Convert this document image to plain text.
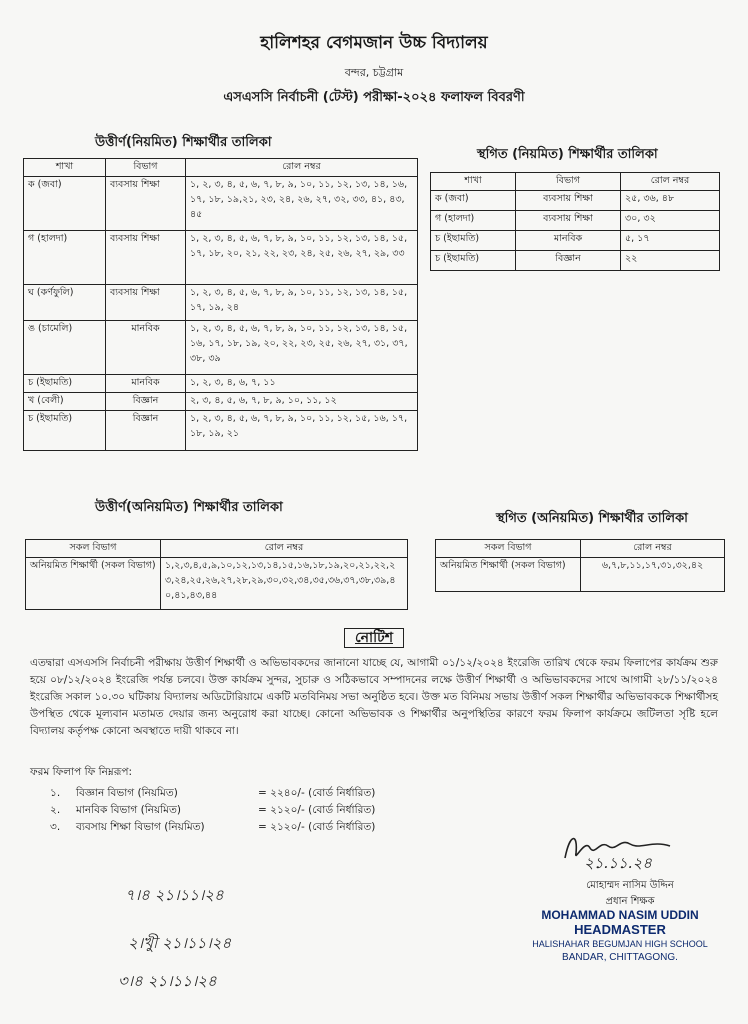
হালিশহর বেগমজান উচ্চ বিদ্যালয়
বন্দর, চট্টগ্রাম
এসএসসি নির্বাচনী (টেস্ট) পরীক্ষা-২০২৪ ফলাফল বিবরণী
উত্তীর্ণ(নিয়মিত) শিক্ষার্থীর তালিকা
শাখা	বিভাগ	রোল নম্বর
ক (জবা)	ব্যবসায় শিক্ষা	১, ২, ৩, ৪, ৫, ৬, ৭, ৮, ৯, ১০, ১১, ১২, ১৩, ১৪, ১৬, ১৭, ১৮, ১৯,২১, ২৩, ২৪, ২৬, ২৭, ৩২, ৩৩, ৪১, ৪৩, ৪৫
গ (হালদা)	ব্যবসায় শিক্ষা	১, ২, ৩, ৪, ৫, ৬, ৭, ৮, ৯, ১০, ১১, ১২, ১৩, ১৪, ১৫, ১৭, ১৮, ২০, ২১, ২২, ২৩, ২৪, ২৫, ২৬, ২৭, ২৯, ৩৩
ঘ (কর্ণফুলি)	ব্যবসায় শিক্ষা	১, ২, ৩, ৪, ৫, ৬, ৭, ৮, ৯, ১০, ১১, ১২, ১৩, ১৪, ১৫, ১৭, ১৯, ২৪
ঙ (চামেলি)	মানবিক	১, ২, ৩, ৪, ৫, ৬, ৭, ৮, ৯, ১০, ১১, ১২, ১৩, ১৪, ১৫, ১৬, ১৭, ১৮, ১৯, ২০, ২২, ২৩, ২৫, ২৬, ২৭, ৩১, ৩৭, ৩৮, ৩৯
চ (ইছামতি)	মানবিক	১, ২, ৩, ৪, ৬, ৭, ১১
খ (বেলী)	বিজ্ঞান	২, ৩, ৪, ৫, ৬, ৭, ৮, ৯, ১০, ১১, ১২
চ (ইছামতি)	বিজ্ঞান	১, ২, ৩, ৪, ৫, ৬, ৭, ৮, ৯, ১০, ১১, ১২, ১৫, ১৬, ১৭, ১৮, ১৯, ২১
স্থগিত (নিয়মিত) শিক্ষার্থীর তালিকা
শাখা	বিভাগ	রোল নম্বর
ক (জবা)	ব্যবসায় শিক্ষা	২৫, ৩৬, ৪৮
গ (হালদা)	ব্যবসায় শিক্ষা	৩০, ৩২
চ (ইছামতি)	মানবিক	৫, ১৭
চ (ইছামতি)	বিজ্ঞান	২২
উত্তীর্ণ(অনিয়মিত) শিক্ষার্থীর তালিকা
সকল বিভাগ	রোল নম্বর
অনিয়মিত শিক্ষার্থী (সকল বিভাগ)	১,২,৩,৪,৫,৯,১০,১২,১৩,১৪,১৫,১৬,১৮,১৯,২০,২১,২২,২৩,২৪,২৫,২৬,২৭,২৮,২৯,৩০,৩২,৩৪,৩৫,৩৬,৩৭,৩৮,৩৯,৪০,৪১,৪৩,৪৪
স্থগিত (অনিয়মিত) শিক্ষার্থীর তালিকা
সকল বিভাগ	রোল নম্বর
অনিয়মিত শিক্ষার্থী (সকল বিভাগ)	৬,৭,৮,১১,১৭,৩১,৩২,৪২
নোটিশ
এতদ্বারা এসএসসি নির্বাচনী পরীক্ষায় উত্তীর্ণ শিক্ষার্থী ও অভিভাবকদের জানানো যাচ্ছে যে, আগামী ০১/১২/২০২৪ ইংরেজি তারিখ থেকে ফরম ফিলাপের কার্যক্রম শুরু হয়ে ০৮/১২/২০২৪ ইংরেজি পর্যন্ত চলবে। উক্ত কার্যক্রম সুন্দর, সুচারু ও সঠিকভাবে সম্পাদনের লক্ষে উত্তীর্ণ শিক্ষার্থী ও অভিভাবকদের সাথে আগামী ২৮/১১/২০২৪ ইংরেজি সকাল ১০.৩০ ঘটিকায় বিদ্যালয় অডিটোরিয়ামে একটি মতবিনিময় সভা অনুষ্ঠিত হবে। উক্ত মত বিনিময় সভায় উত্তীর্ণ সকল শিক্ষার্থীর অভিভাবককে শিক্ষার্থীসহ উপস্থিত থেকে মূল্যবান মতামত দেয়ার জন্য অনুরোধ করা যাচ্ছে। কোনো অভিভাবক ও শিক্ষার্থীর অনুপস্থিতির কারণে ফরম ফিলাপ কার্যক্রমে জটিলতা সৃষ্টি হলে বিদ্যালয় কর্তৃপক্ষ কোনো অবস্থাতে দায়ী থাকবে না।
ফরম ফিলাপ ফি নিম্নরূপ:
১. বিজ্ঞান বিভাগ (নিয়মিত)	= ২২৪০/- (বোর্ড নির্ধারিত)
২. মানবিক বিভাগ (নিয়মিত)	= ২১২০/- (বোর্ড নির্ধারিত)
৩. ব্যবসায় শিক্ষা বিভাগ (নিয়মিত)	= ২১২০/- (বোর্ড নির্ধারিত)
২১.১১.২৪
মোহাম্মদ নাসিম উদ্দিন
প্রধান শিক্ষক
MOHAMMAD NASIM UDDIN
HEADMASTER
HALISHAHAR BEGUMJAN HIGH SCHOOL
BANDAR, CHITTAGONG.
৭।৪ ২১।১১।২৪
২।খুী ২১।১১।২৪
৩।৪ ২১।১১।২৪
